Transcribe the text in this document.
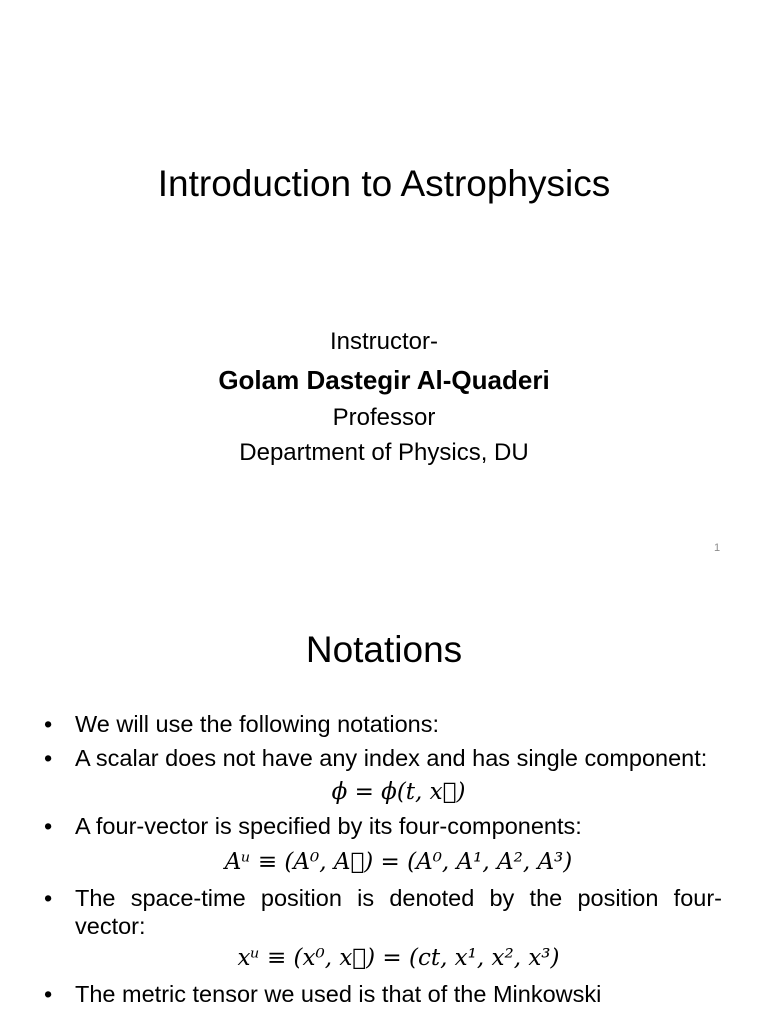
Introduction to Astrophysics
Instructor-
Golam Dastegir Al-Quaderi
Professor
Department of Physics, DU
1
Notations
• We will use the following notations:
• A scalar does not have any index and has single component:
ϕ = ϕ(t, x⃗)
• A four-vector is specified by its four-components:
Aᵘ ≡ (A⁰, A⃗) = (A⁰, A¹, A², A³)
• The space-time position is denoted by the position four-vector:
xᵘ ≡ (x⁰, x⃗) = (ct, x¹, x², x³)
• The metric tensor we used is that of the Minkowski
